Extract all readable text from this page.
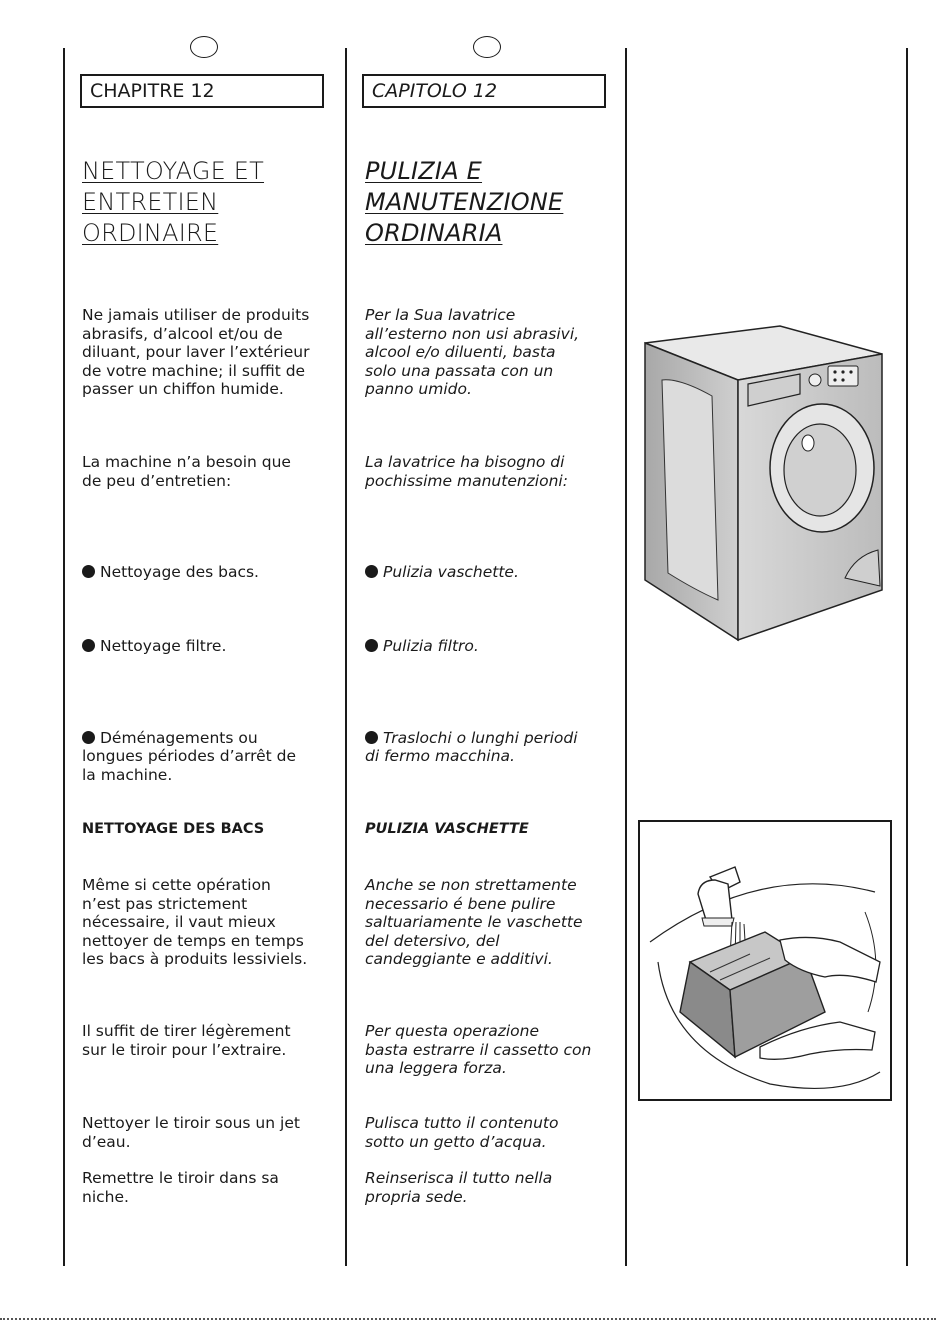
CHAPITRE 12
NETTOYAGE ET
ENTRETIEN
ORDINAIRE
Ne jamais utiliser de produits
abrasifs, d’alcool et/ou de
diluant, pour laver l’extérieur
de votre machine; il suffit de
passer un chiffon humide.
La machine n’a besoin que
de peu d’entretien:

Nettoyage des bacs.

Nettoyage filtre.

Déménagements ou
longues périodes d’arrêt de
la machine.

NETTOYAGE DES BACS
Même si cette opération
n’est pas strictement
nécessaire, il vaut mieux
nettoyer de temps en temps
les bacs à produits lessiviels.
Il suffit de tirer légèrement
sur le tiroir pour l’extraire.
Nettoyer le tiroir sous un jet
d’eau.
Remettre le tiroir dans sa
niche.
CAPITOLO 12
PULIZIA E
MANUTENZIONE
ORDINARIA
Per la Sua lavatrice
all’esterno non usi abrasivi,
alcool e/o diluenti, basta
solo una passata con un
panno umido.
La lavatrice ha bisogno di
pochissime manutenzioni:

Pulizia vaschette.

Pulizia filtro.

Traslochi o lunghi periodi
di fermo macchina.

PULIZIA VASCHETTE
Anche se non strettamente
necessario é bene pulire
saltuariamente le vaschette
del detersivo, del
candeggiante e additivi.
Per questa operazione
basta estrarre il cassetto con
una leggera forza.
Pulisca tutto il contenuto
sotto un getto d’acqua.
Reinserisca il tutto nella
propria sede.
